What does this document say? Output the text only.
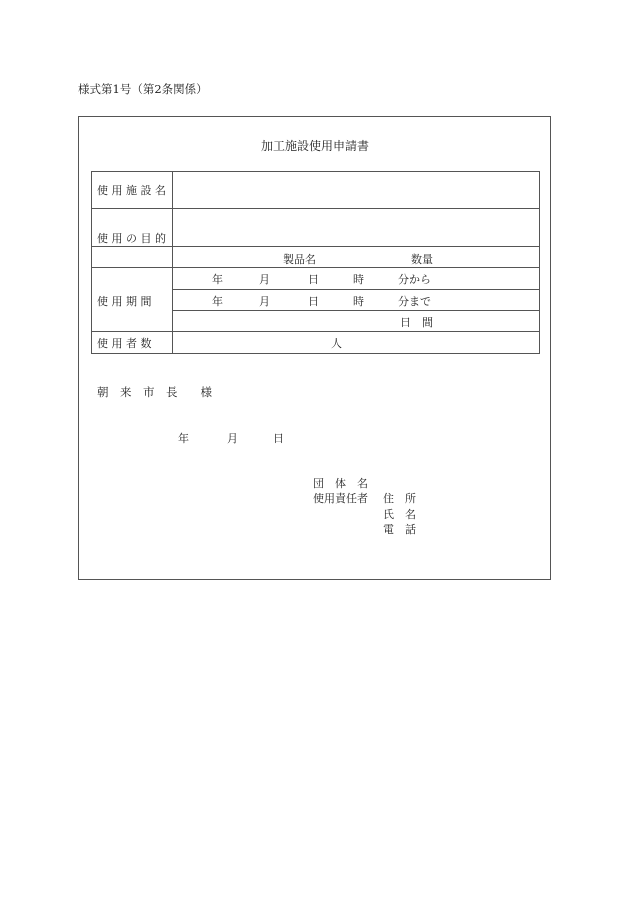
様式第1号（第2条関係）
加工施設使用申請書
使 用 施 設 名
使 用 の 目 的
製品名	数量
使 用 期 間
年	月	日	時	分から
年	月	日	時	分まで
日　間
使 用 者 数	人
朝　来　市　長　　様
年	月	日
団　体　名
使用責任者 住　所
氏　名
電　話
